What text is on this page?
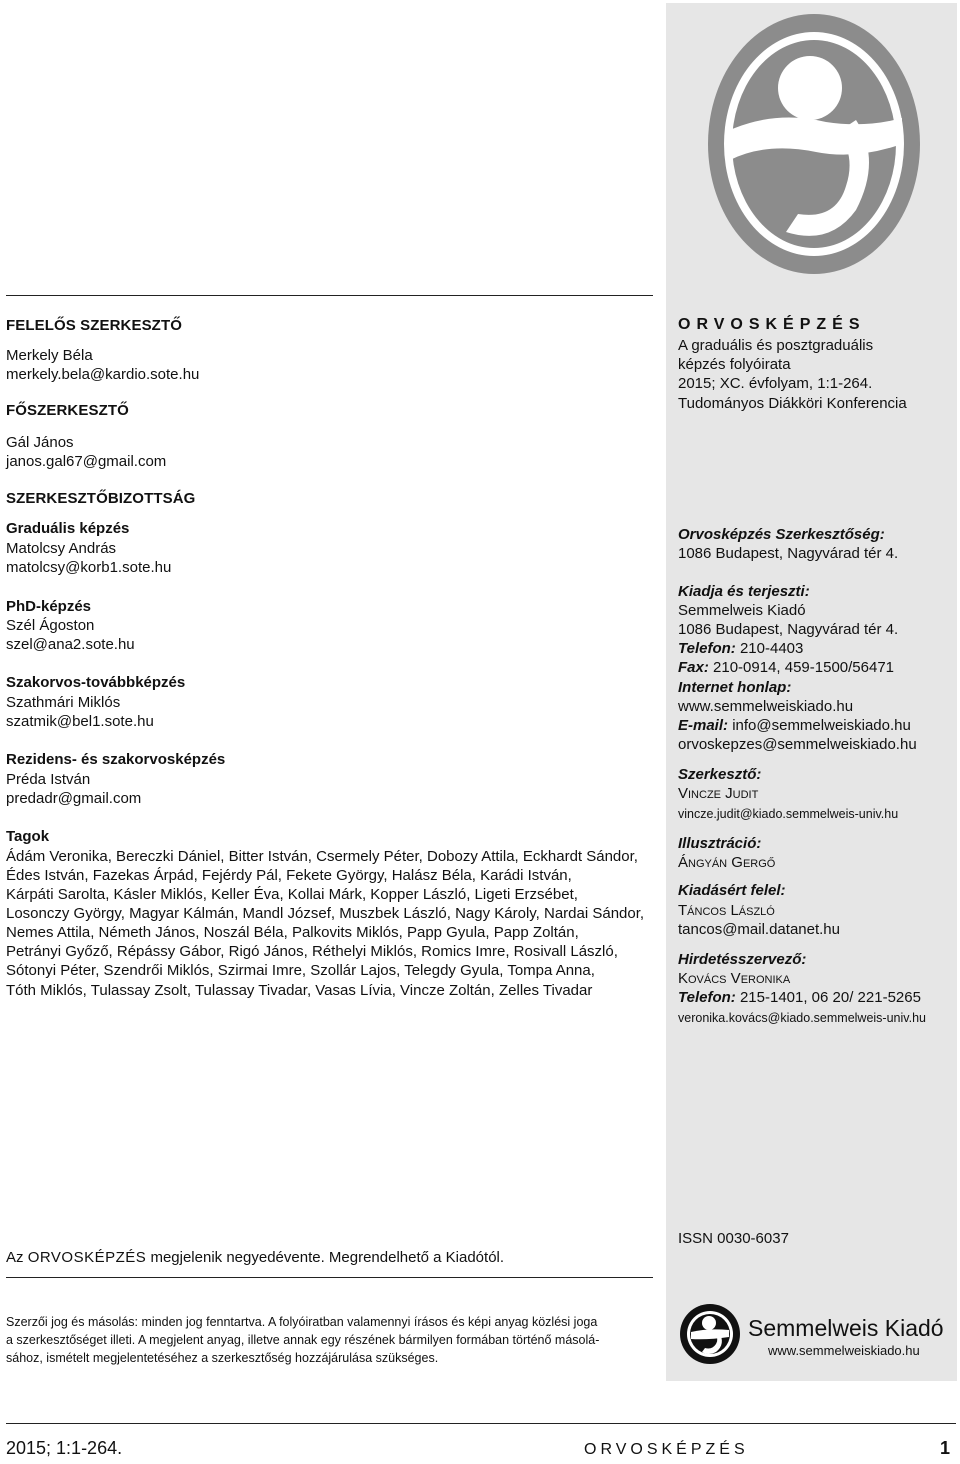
FELELŐS SZERKESZTŐ
Merkely Béla
merkely.bela@kardio.sote.hu
FŐSZERKESZTŐ
Gál János
janos.gal67@gmail.com
SZERKESZTŐBIZOTTSÁG
Graduális képzés
Matolcsy András
matolcsy@korb1.sote.hu
PhD-képzés
Szél Ágoston
szel@ana2.sote.hu
Szakorvos-továbbképzés
Szathmári Miklós
szatmik@bel1.sote.hu
Rezidens- és szakorvosképzés
Préda István
predadr@gmail.com
Tagok
Ádám Veronika, Bereczki Dániel, Bitter István, Csermely Péter, Dobozy Attila, Eckhardt Sándor,
Édes István, Fazekas Árpád, Fejérdy Pál, Fekete György, Halász Béla, Karádi István,
Kárpáti Sarolta, Kásler Miklós, Keller Éva, Kollai Márk, Kopper László, Ligeti Erzsébet,
Losonczy György, Magyar Kálmán, Mandl József, Muszbek László, Nagy Károly, Nardai Sándor,
Nemes Attila, Németh János, Noszál Béla, Palkovits Miklós, Papp Gyula, Papp Zoltán,
Petrányi Győző, Répássy Gábor, Rigó János, Réthelyi Miklós, Romics Imre, Rosivall László,
Sótonyi Péter, Szendrői Miklós, Szirmai Imre, Szollár Lajos, Telegdy Gyula, Tompa Anna,
Tóth Miklós, Tulassay Zsolt, Tulassay Tivadar, Vasas Lívia, Vincze Zoltán, Zelles Tivadar
Az ORVOSKÉPZÉS megjelenik negyedévente. Megrendelhető a Kiadótól.
Szerzői jog és másolás: minden jog fenntartva. A folyóiratban valamennyi írásos és képi anyag közlési joga
a szerkesztőséget illeti. A megjelent anyag, illetve annak egy részének bármilyen formában történő másolá-
sához, ismételt megjelentetéséhez a szerkesztőség hozzájárulása szükséges.
ORVOSKÉPZÉS
A graduális és posztgraduális
képzés folyóirata
2015; XC. évfolyam, 1:1-264.
Tudományos Diákköri Konferencia
Orvosképzés Szerkesztőség:
1086 Budapest, Nagyvárad tér 4.
Kiadja és terjeszti:
Semmelweis Kiadó
1086 Budapest, Nagyvárad tér 4.
Telefon: 210-4403
Fax: 210-0914, 459-1500/56471
Internet honlap:
www.semmelweiskiado.hu
E-mail: info@semmelweiskiado.hu
orvoskepzes@semmelweiskiado.hu
Szerkesztő:
Vincze Judit
vincze.judit@kiado.semmelweis-univ.hu
Illusztráció:
Ángyán Gergő
Kiadásért felel:
Táncos László
tancos@mail.datanet.hu
Hirdetésszervező:
Kovács Veronika
Telefon: 215-1401, 06 20/ 221-5265
veronika.kovács@kiado.semmelweis-univ.hu
ISSN 0030-6037
Semmelweis Kiadó
www.semmelweiskiado.hu
2015; 1:1-264.	ORVOSKÉPZÉS	1
